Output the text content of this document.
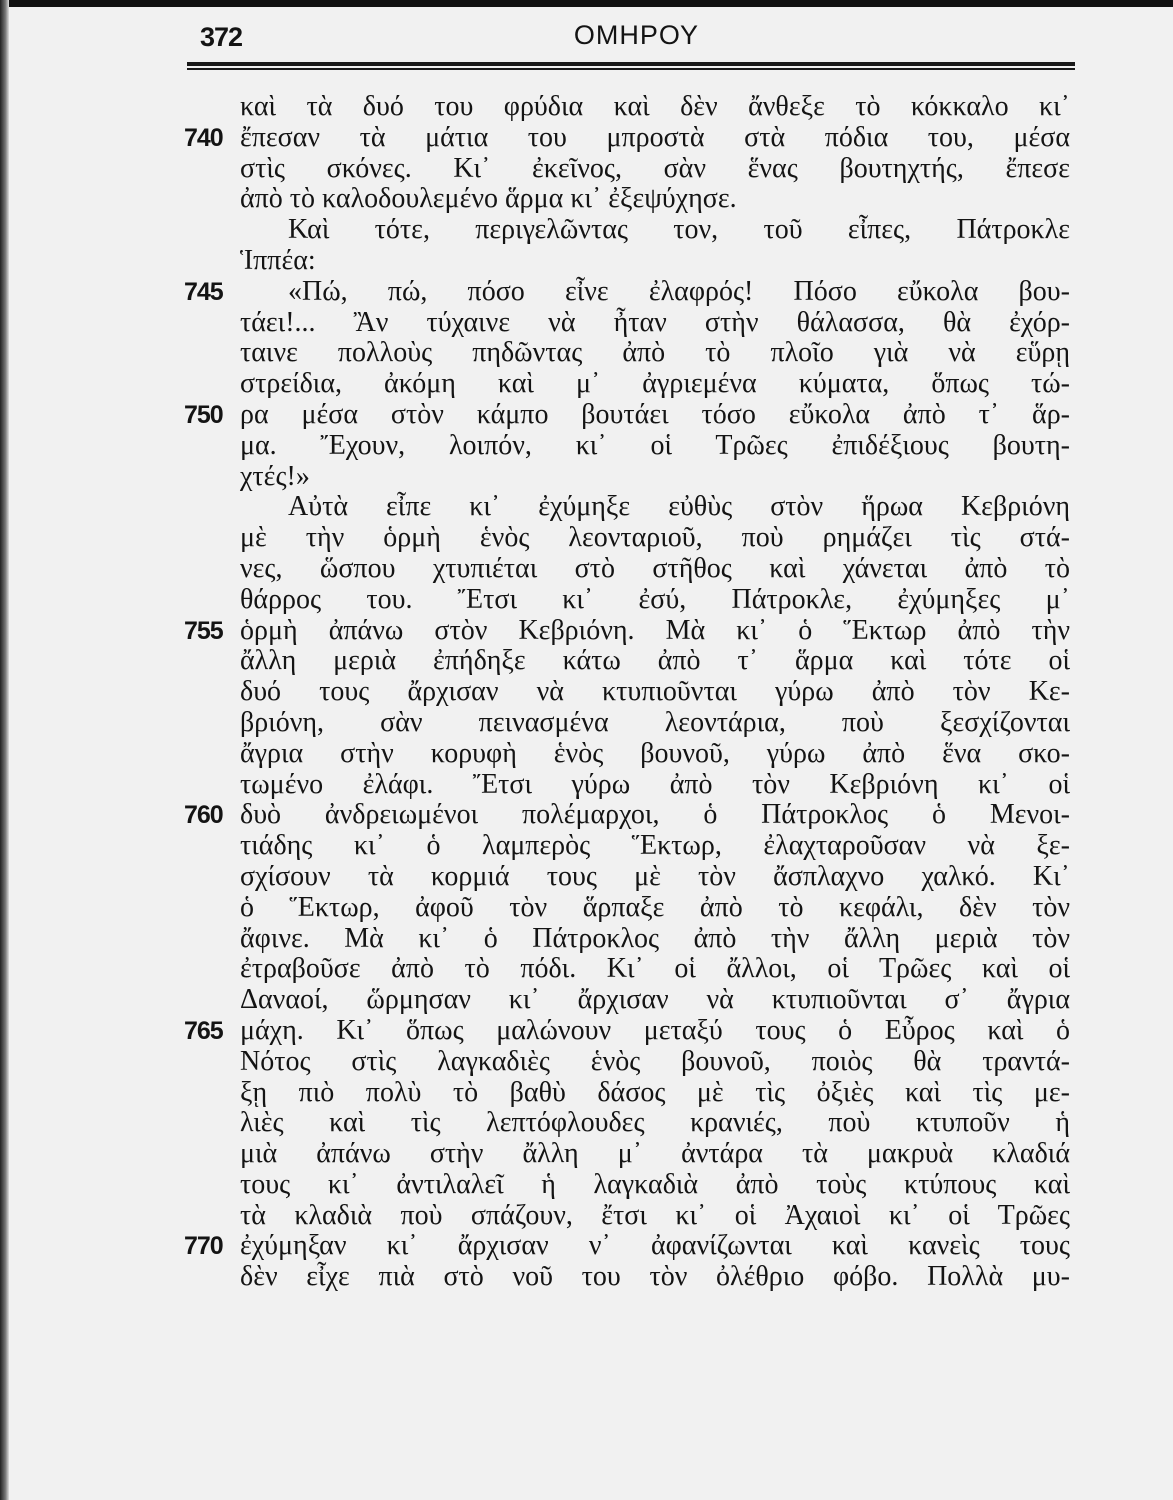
372	ΟΜΗΡΟΥ
καὶ τὰ δυό του φρύδια καὶ δὲν ἄνθεξε τὸ κόκκαλο κι᾽
740 ἔπεσαν τὰ μάτια του μπροστὰ στὰ πόδια του, μέσα
στὶς σκόνες. Κι᾽ ἐκεῖνος, σὰν ἕνας βουτηχτής, ἔπεσε
ἀπὸ τὸ καλοδουλεμένο ἅρμα κι᾽ ἐξεψύχησε.
Καὶ τότε, περιγελῶντας τον, τοῦ εἶπες, Πάτροκλε
Ἱππέα:
745	«Πώ, πώ, πόσο εἶνε ἐλαφρός! Πόσο εὔκολα βου-
τάει!... Ἂν τύχαινε νὰ ἦταν στὴν θάλασσα, θὰ ἐχόρ-
ταινε πολλοὺς πηδῶντας ἀπὸ τὸ πλοῖο γιὰ νὰ εὕρῃ
στρείδια, ἀκόμη καὶ μ᾽ ἀγριεμένα κύματα, ὅπως τώ-
750 ρα μέσα στὸν κάμπο βουτάει τόσο εὔκολα ἀπὸ τ᾽ ἅρ-
μα. Ἔχουν, λοιπόν, κι᾽ οἱ Τρῶες ἐπιδέξιους βουτη-
χτές!»
Αὐτὰ εἶπε κι᾽ ἐχύμηξε εὐθὺς στὸν ἥρωα Κεβριόνη
μὲ τὴν ὁρμὴ ἑνὸς λεονταριοῦ, ποὺ ρημάζει τὶς στά-
νες, ὥσπου χτυπιέται στὸ στῆθος καὶ χάνεται ἀπὸ τὸ
θάρρος του. Ἔτσι κι᾽ ἐσύ, Πάτροκλε, ἐχύμηξες μ᾽
755 ὁρμὴ ἀπάνω στὸν Κεβριόνη. Μὰ κι᾽ ὁ Ἕκτωρ ἀπὸ τὴν
ἄλλη μεριὰ ἐπήδηξε κάτω ἀπὸ τ᾽ ἅρμα καὶ τότε οἱ
δυό τους ἄρχισαν νὰ κτυπιοῦνται γύρω ἀπὸ τὸν Κε-
βριόνη, σὰν πεινασμένα λεοντάρια, ποὺ ξεσχίζονται
ἄγρια στὴν κορυφὴ ἑνὸς βουνοῦ, γύρω ἀπὸ ἕνα σκο-
τωμένο ἐλάφι. Ἔτσι γύρω ἀπὸ τὸν Κεβριόνη κι᾽ οἱ
760 δυὸ ἀνδρειωμένοι πολέμαρχοι, ὁ Πάτροκλος ὁ Μενοι-
τιάδης κι᾽ ὁ λαμπερὸς Ἕκτωρ, ἐλαχταροῦσαν νὰ ξε-
σχίσουν τὰ κορμιά τους μὲ τὸν ἄσπλαχνο χαλκό. Κι᾽
ὁ Ἕκτωρ, ἀφοῦ τὸν ἅρπαξε ἀπὸ τὸ κεφάλι, δὲν τὸν
ἄφινε. Μὰ κι᾽ ὁ Πάτροκλος ἀπὸ τὴν ἄλλη μεριὰ τὸν
ἐτραβοῦσε ἀπὸ τὸ πόδι. Κι᾽ οἱ ἄλλοι, οἱ Τρῶες καὶ οἱ
Δαναοί, ὥρμησαν κι᾽ ἄρχισαν νὰ κτυπιοῦνται σ᾽ ἄγρια
765 μάχη. Κι᾽ ὅπως μαλώνουν μεταξύ τους ὁ Εὖρος καὶ ὁ
Νότος στὶς λαγκαδιὲς ἑνὸς βουνοῦ, ποιὸς θὰ τραντά-
ξῃ πιὸ πολὺ τὸ βαθὺ δάσος μὲ τὶς ὀξιὲς καὶ τὶς με-
λιὲς καὶ τὶς λεπτόφλουδες κρανιές, ποὺ κτυποῦν ἡ
μιὰ ἀπάνω στὴν ἄλλη μ᾽ ἀντάρα τὰ μακρυὰ κλαδιά
τους κι᾽ ἀντιλαλεῖ ἡ λαγκαδιὰ ἀπὸ τοὺς κτύπους καὶ
τὰ κλαδιὰ ποὺ σπάζουν, ἔτσι κι᾽ οἱ Ἀχαιοὶ κι᾽ οἱ Τρῶες
770 ἐχύμηξαν κι᾽ ἄρχισαν ν᾽ ἀφανίζωνται καὶ κανεὶς τους
δὲν εἶχε πιὰ στὸ νοῦ του τὸν ὀλέθριο φόβο. Πολλὰ μυ-
